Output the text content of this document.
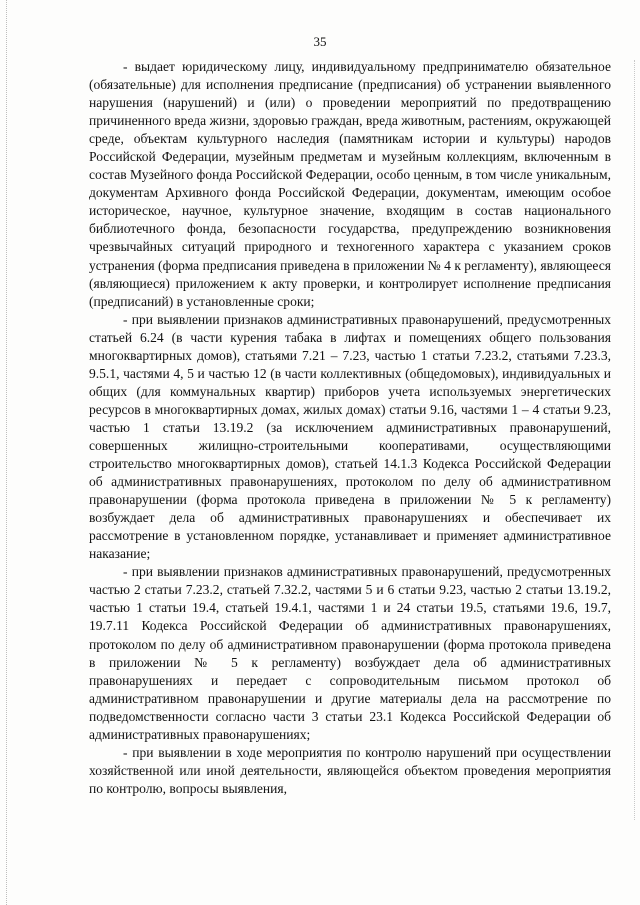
35

- выдает юридическому лицу, индивидуальному предпринимателю обязательное (обязательные) для исполнения предписание (предписания) об устранении выявленного нарушения (нарушений) и (или) о проведении мероприятий по предотвращению причиненного вреда жизни, здоровью граждан, вреда животным, растениям, окружающей среде, объектам культурного наследия (памятникам истории и культуры) народов Российской Федерации, музейным предметам и музейным коллекциям, включенным в состав Музейного фонда Российской Федерации, особо ценным, в том числе уникальным, документам Архивного фонда Российской Федерации, документам, имеющим особое историческое, научное, культурное значение, входящим в состав национального библиотечного фонда, безопасности государства, предупреждению возникновения чрезвычайных ситуаций природного и техногенного характера с указанием сроков устранения (форма предписания приведена в приложении № 4 к регламенту), являющееся (являющиеся) приложением к акту проверки, и контролирует исполнение предписания (предписаний) в установленные сроки;

- при выявлении признаков административных правонарушений, предусмотренных статьей 6.24 (в части курения табака в лифтах и помещениях общего пользования многоквартирных домов), статьями 7.21 – 7.23, частью 1 статьи 7.23.2, статьями 7.23.3, 9.5.1, частями 4, 5 и частью 12 (в части коллективных (общедомовых), индивидуальных и общих (для коммунальных квартир) приборов учета используемых энергетических ресурсов в многоквартирных домах, жилых домах) статьи 9.16, частями 1 – 4 статьи 9.23, частью 1 статьи 13.19.2 (за исключением административных правонарушений, совершенных жилищно-строительными кооперативами, осуществляющими строительство многоквартирных домов), статьей 14.1.3 Кодекса Российской Федерации об административных правонарушениях, протоколом по делу об административном правонарушении (форма протокола приведена в приложении № 5 к регламенту) возбуждает дела об административных правонарушениях и обеспечивает их рассмотрение в установленном порядке, устанавливает и применяет административное наказание;

- при выявлении признаков административных правонарушений, предусмотренных частью 2 статьи 7.23.2, статьей 7.32.2, частями 5 и 6 статьи 9.23, частью 2 статьи 13.19.2, частью 1 статьи 19.4, статьей 19.4.1, частями 1 и 24 статьи 19.5, статьями 19.6, 19.7, 19.7.11 Кодекса Российской Федерации об административных правонарушениях, протоколом по делу об административном правонарушении (форма протокола приведена в приложении № 5 к регламенту) возбуждает дела об административных правонарушениях и передает с сопроводительным письмом протокол об административном правонарушении и другие материалы дела на рассмотрение по подведомственности согласно части 3 статьи 23.1 Кодекса Российской Федерации об административных правонарушениях;

- при выявлении в ходе мероприятия по контролю нарушений при осуществлении хозяйственной или иной деятельности, являющейся объектом проведения мероприятия по контролю, вопросы выявления,
